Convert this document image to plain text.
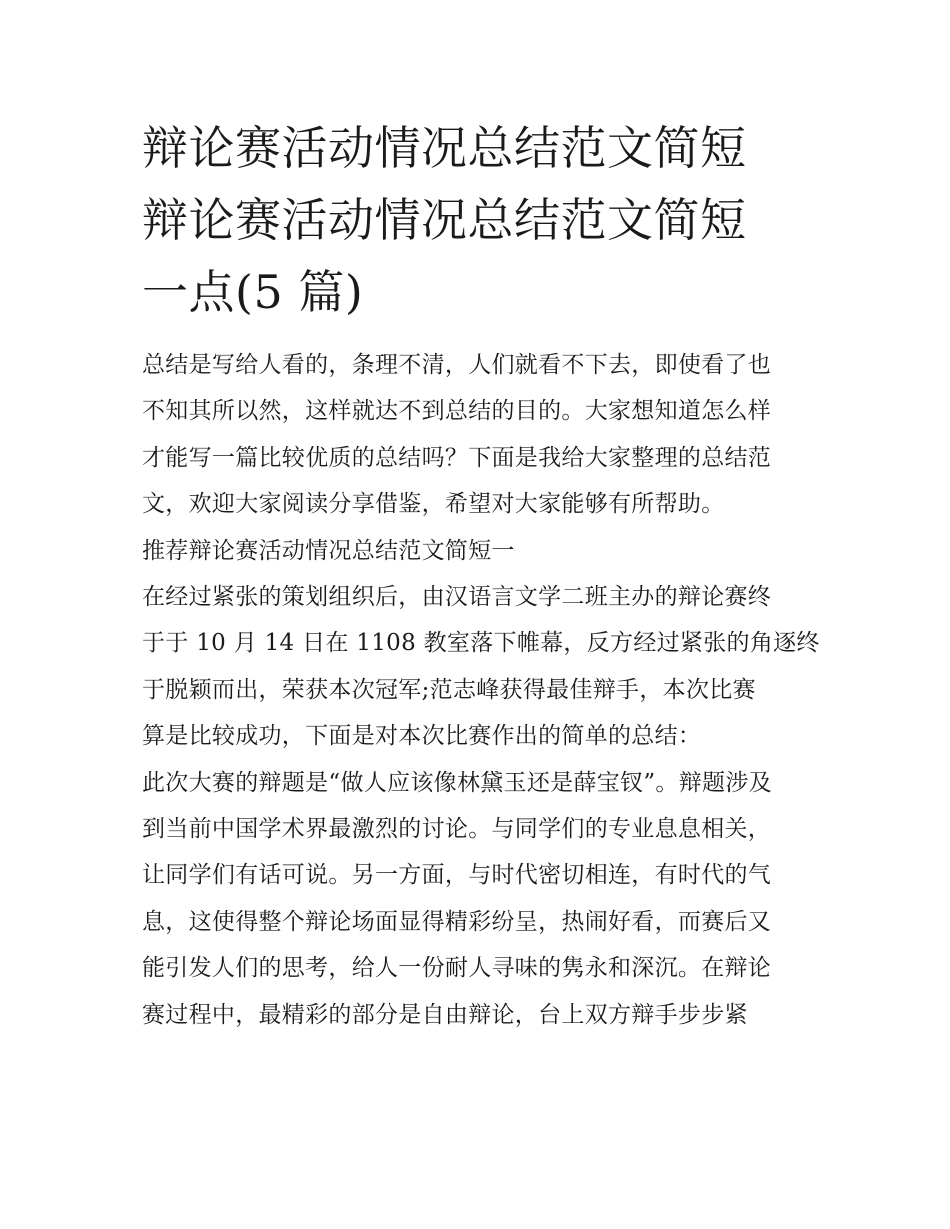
辩论赛活动情况总结范文简短
辩论赛活动情况总结范文简短
一点(5 篇)
总结是写给人看的，条理不清，人们就看不下去，即使看了也
不知其所以然，这样就达不到总结的目的。大家想知道怎么样
才能写一篇比较优质的总结吗？下面是我给大家整理的总结范
文，欢迎大家阅读分享借鉴，希望对大家能够有所帮助。
推荐辩论赛活动情况总结范文简短一
在经过紧张的策划组织后，由汉语言文学二班主办的辩论赛终
于于 10 月 14 日在 1108 教室落下帷幕，反方经过紧张的角逐终
于脱颖而出，荣获本次冠军;范志峰获得最佳辩手，本次比赛
算是比较成功，下面是对本次比赛作出的简单的总结：
此次大赛的辩题是“做人应该像林黛玉还是薛宝钗”。辩题涉及
到当前中国学术界最激烈的讨论。与同学们的专业息息相关，
让同学们有话可说。另一方面，与时代密切相连，有时代的气
息，这使得整个辩论场面显得精彩纷呈，热闹好看，而赛后又
能引发人们的思考，给人一份耐人寻味的隽永和深沉。在辩论
赛过程中，最精彩的部分是自由辩论，台上双方辩手步步紧
